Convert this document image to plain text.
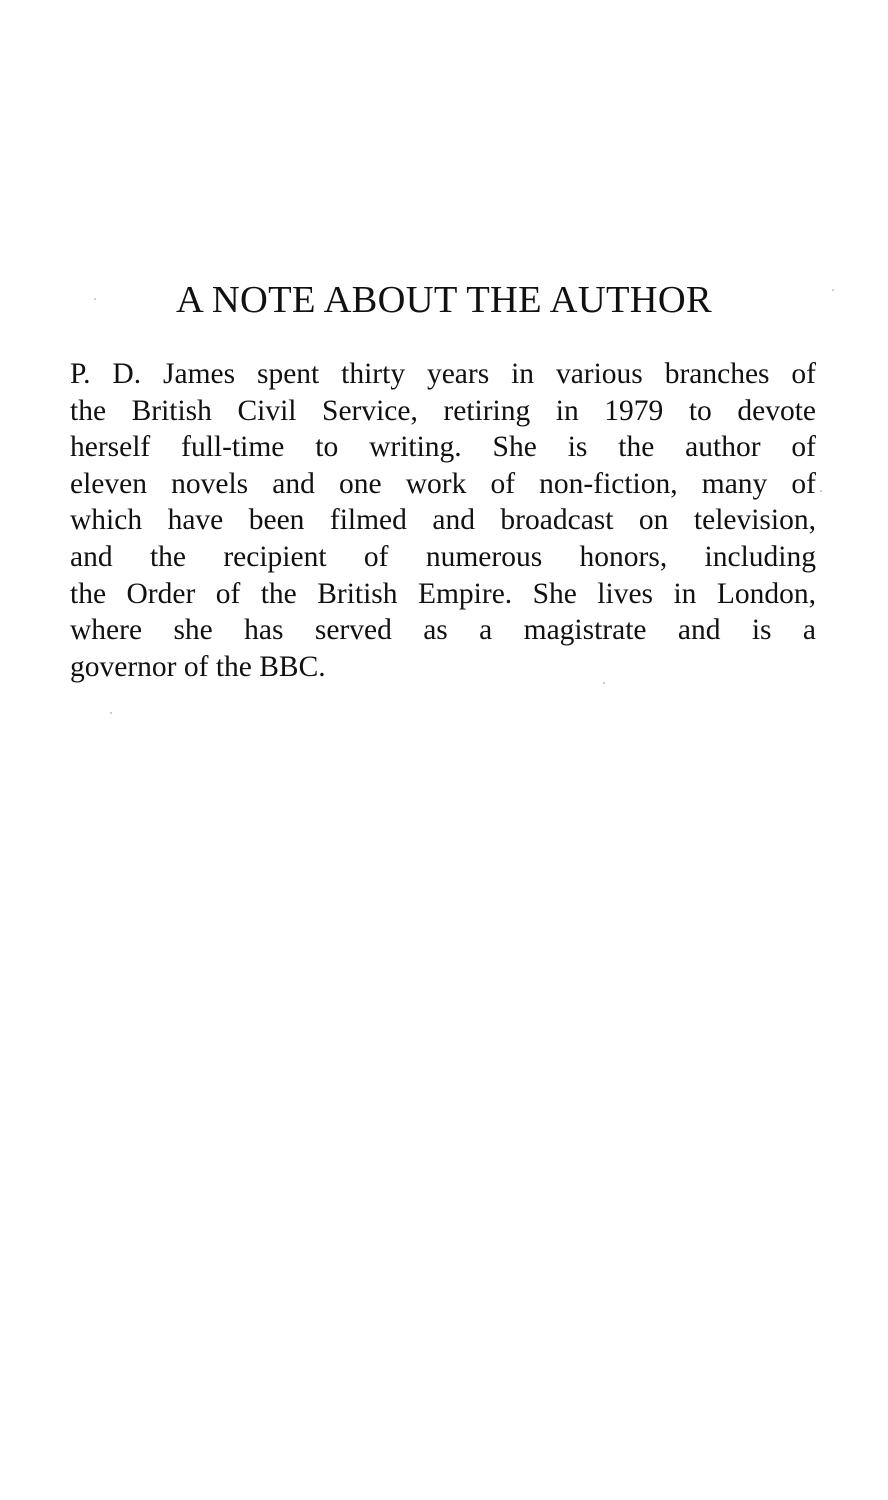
A NOTE ABOUT THE AUTHOR
P. D. James spent thirty years in various branches of
the British Civil Service, retiring in 1979 to devote
herself full-time to writing. She is the author of
eleven novels and one work of non-fiction, many of
which have been filmed and broadcast on television,
and the recipient of numerous honors, including
the Order of the British Empire. She lives in London,
where she has served as a magistrate and is a
governor of the BBC.
